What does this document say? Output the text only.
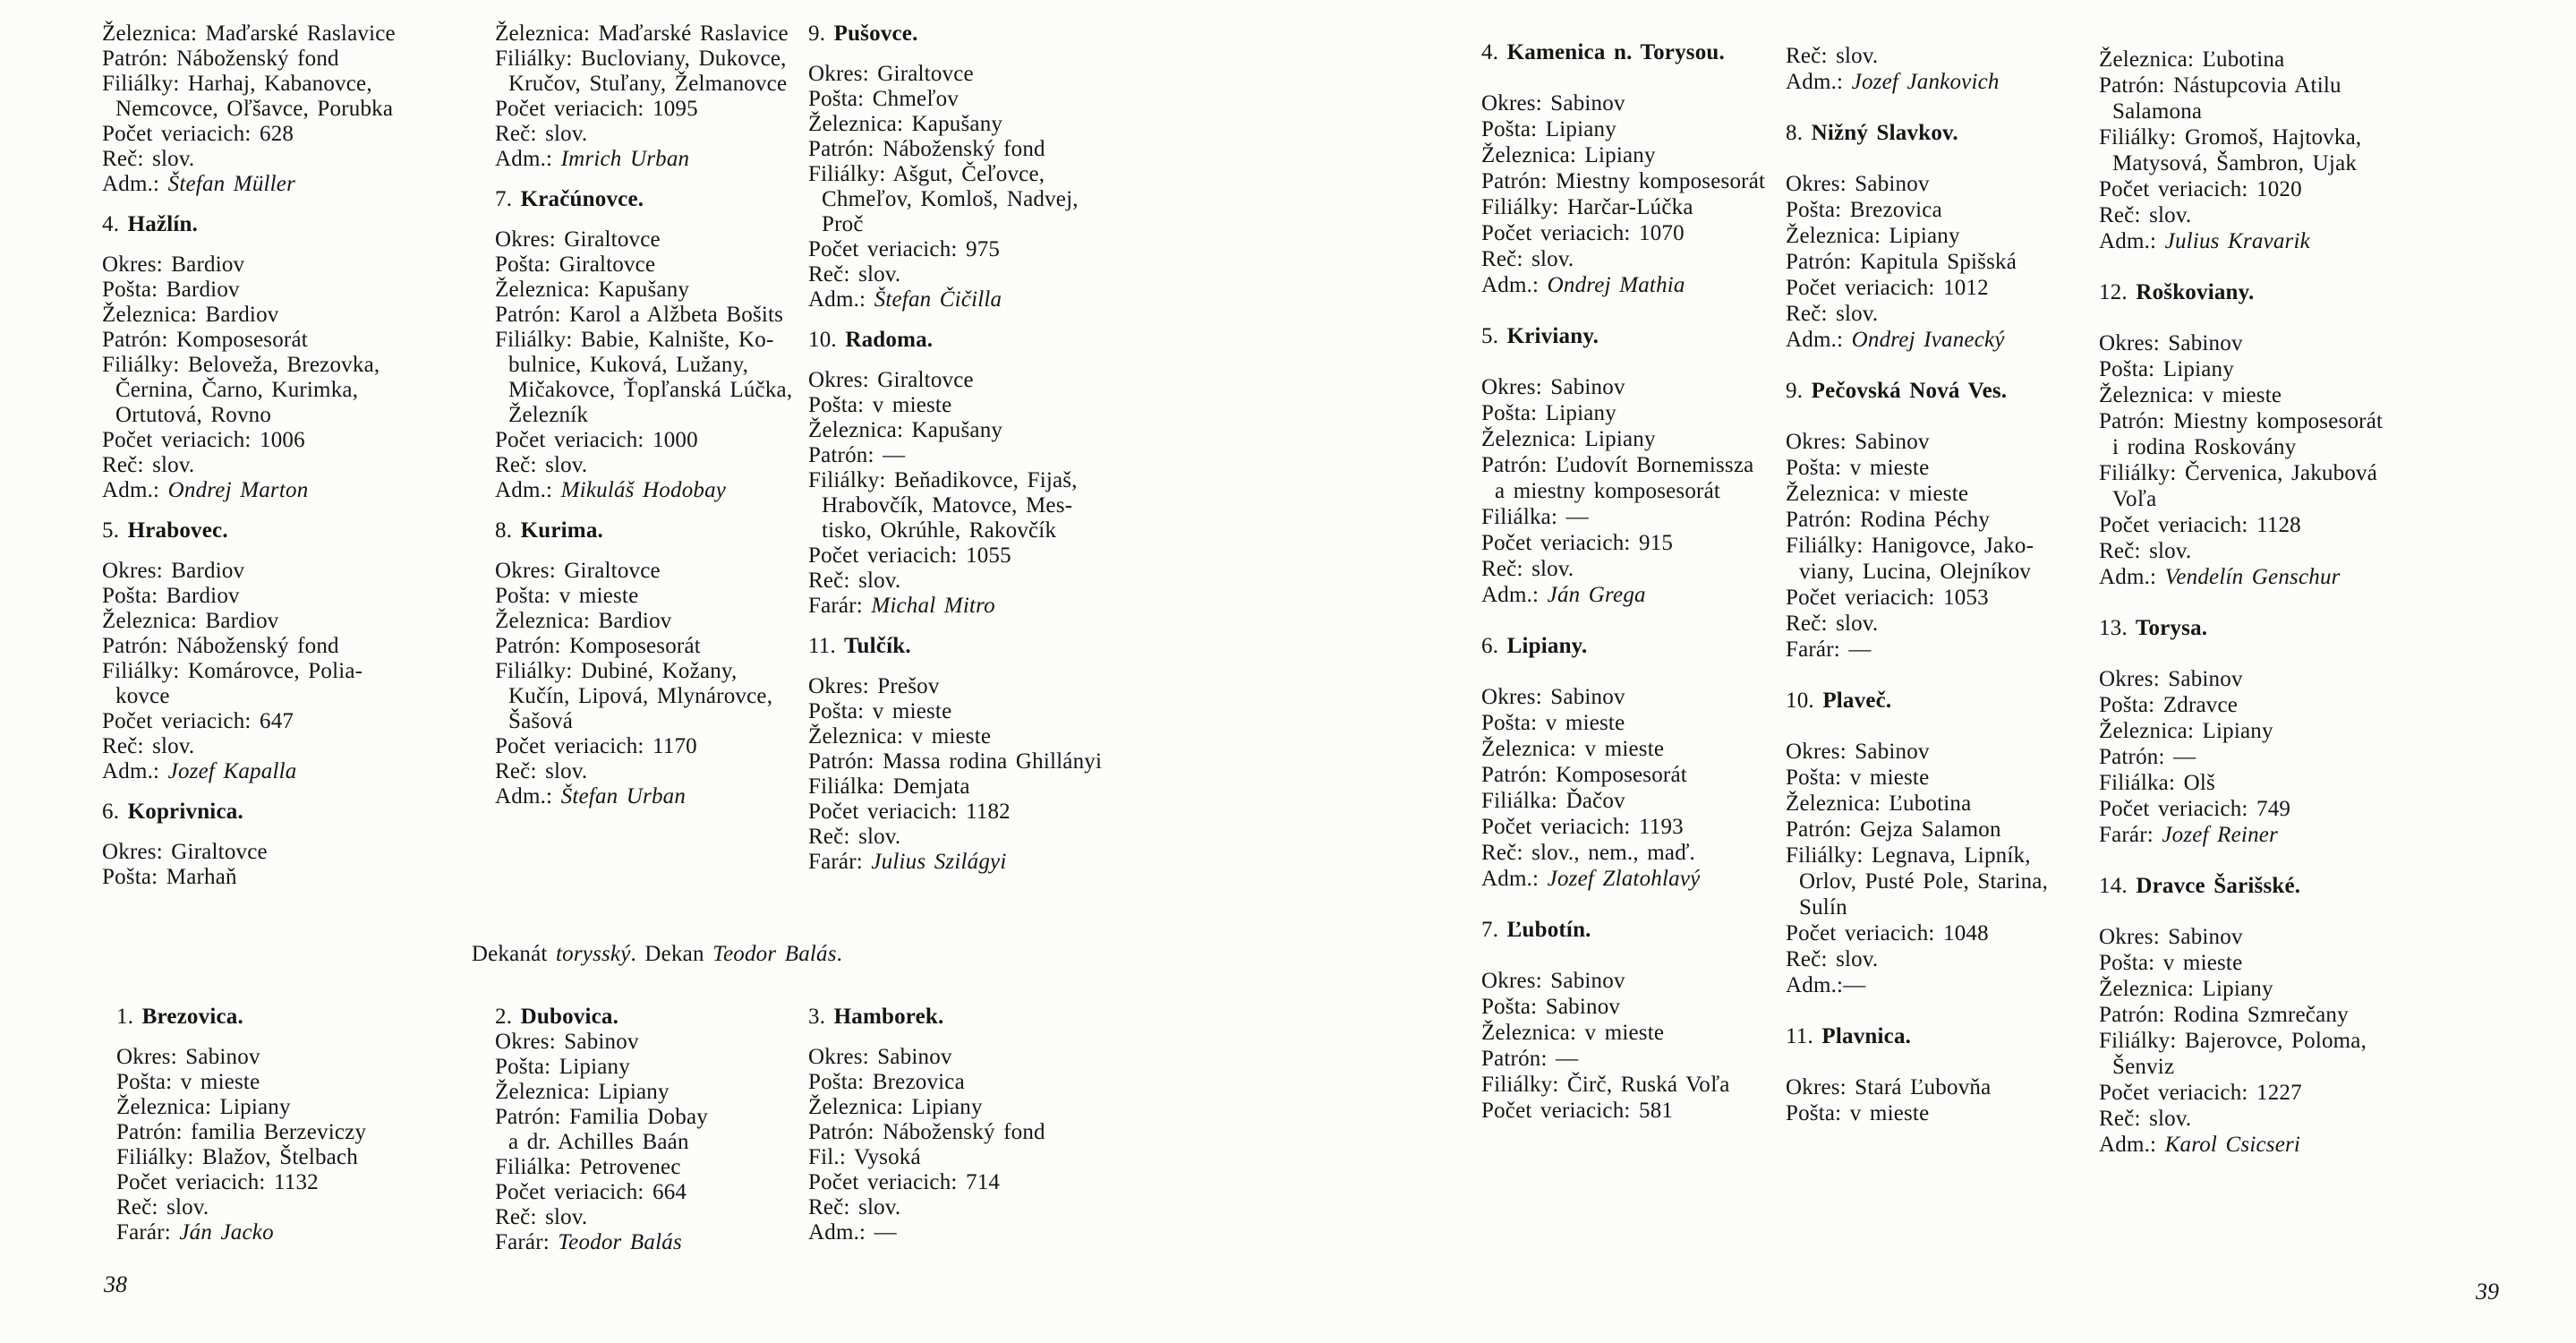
Železnica: Maďarské Raslavice
Patrón: Náboženský fond
Filiálky: Harhaj, Kabanovce,
Nemcovce, Oľšavce, Porubka
Počet veriacich: 628
Reč: slov.
Adm.: Štefan Müller
4. Hažlín.
Okres: Bardiov
Pošta: Bardiov
Železnica: Bardiov
Patrón: Komposesorát
Filiálky: Beloveža, Brezovka,
Černina, Čarno, Kurimka,
Ortutová, Rovno
Počet veriacich: 1006
Reč: slov.
Adm.: Ondrej Marton
5. Hrabovec.
Okres: Bardiov
Pošta: Bardiov
Železnica: Bardiov
Patrón: Náboženský fond
Filiálky: Komárovce, Polia-
kovce
Počet veriacich: 647
Reč: slov.
Adm.: Jozef Kapalla
6. Koprivnica.
Okres: Giraltovce
Pošta: Marhaň
Železnica: Maďarské Raslavice
Filiálky: Bucloviany, Dukovce,
Kručov, Stuľany, Želmanovce
Počet veriacich: 1095
Reč: slov.
Adm.: Imrich Urban
7. Kračúnovce.
Okres: Giraltovce
Pošta: Giraltovce
Železnica: Kapušany
Patrón: Karol a Alžbeta Bošits
Filiálky: Babie, Kalnište, Ko-
bulnice, Kuková, Lužany,
Mičakovce, Ťopľanská Lúčka,
Železník
Počet veriacich: 1000
Reč: slov.
Adm.: Mikuláš Hodobay
8. Kurima.
Okres: Giraltovce
Pošta: v mieste
Železnica: Bardiov
Patrón: Komposesorát
Filiálky: Dubiné, Kožany,
Kučín, Lipová, Mlynárovce,
Šašová
Počet veriacich: 1170
Reč: slov.
Adm.: Štefan Urban
9. Pušovce.
Okres: Giraltovce
Pošta: Chmeľov
Železnica: Kapušany
Patrón: Náboženský fond
Filiálky: Ašgut, Čeľovce,
Chmeľov, Komloš, Nadvej,
Proč
Počet veriacich: 975
Reč: slov.
Adm.: Štefan Čičilla
10. Radoma.
Okres: Giraltovce
Pošta: v mieste
Železnica: Kapušany
Patrón: —
Filiálky: Beňadikovce, Fijaš,
Hrabovčík, Matovce, Mes-
tisko, Okrúhle, Rakovčík
Počet veriacich: 1055
Reč: slov.
Farár: Michal Mitro
11. Tulčík.
Okres: Prešov
Pošta: v mieste
Železnica: v mieste
Patrón: Massa rodina Ghillányi
Filiálka: Demjata
Počet veriacich: 1182
Reč: slov.
Farár: Julius Szilágyi
Dekanát torysský. Dekan Teodor Balás.
1. Brezovica.
Okres: Sabinov
Pošta: v mieste
Železnica: Lipiany
Patrón: familia Berzeviczy
Filiálky: Blažov, Štelbach
Počet veriacich: 1132
Reč: slov.
Farár: Ján Jacko
2. Dubovica.
Okres: Sabinov
Pošta: Lipiany
Železnica: Lipiany
Patrón: Familia Dobay
a dr. Achilles Baán
Filiálka: Petrovenec
Počet veriacich: 664
Reč: slov.
Farár: Teodor Balás
3. Hamborek.
Okres: Sabinov
Pošta: Brezovica
Železnica: Lipiany
Patrón: Náboženský fond
Fil.: Vysoká
Počet veriacich: 714
Reč: slov.
Adm.: —
38
4. Kamenica n. Torysou.
Okres: Sabinov
Pošta: Lipiany
Železnica: Lipiany
Patrón: Miestny komposesorát
Filiálky: Harčar-Lúčka
Počet veriacich: 1070
Reč: slov.
Adm.: Ondrej Mathia
5. Kriviany.
Okres: Sabinov
Pošta: Lipiany
Železnica: Lipiany
Patrón: Ľudovít Bornemissza
a miestny komposesorát
Filiálka: —
Počet veriacich: 915
Reč: slov.
Adm.: Ján Grega
6. Lipiany.
Okres: Sabinov
Pošta: v mieste
Železnica: v mieste
Patrón: Komposesorát
Filiálka: Ďačov
Počet veriacich: 1193
Reč: slov., nem., maď.
Adm.: Jozef Zlatohlavý
7. Ľubotín.
Okres: Sabinov
Pošta: Sabinov
Železnica: v mieste
Patrón: —
Filiálky: Čirč, Ruská Voľa
Počet veriacich: 581
Reč: slov.
Adm.: Jozef Jankovich
8. Nižný Slavkov.
Okres: Sabinov
Pošta: Brezovica
Železnica: Lipiany
Patrón: Kapitula Spišská
Počet veriacich: 1012
Reč: slov.
Adm.: Ondrej Ivanecký
9. Pečovská Nová Ves.
Okres: Sabinov
Pošta: v mieste
Železnica: v mieste
Patrón: Rodina Péchy
Filiálky: Hanigovce, Jako-
viany, Lucina, Olejníkov
Počet veriacich: 1053
Reč: slov.
Farár: —
10. Plaveč.
Okres: Sabinov
Pošta: v mieste
Železnica: Ľubotina
Patrón: Gejza Salamon
Filiálky: Legnava, Lipník,
Orlov, Pusté Pole, Starina,
Sulín
Počet veriacich: 1048
Reč: slov.
Adm.:—
11. Plavnica.
Okres: Stará Ľubovňa
Pošta: v mieste
Železnica: Ľubotina
Patrón: Nástupcovia Atilu
Salamona
Filiálky: Gromoš, Hajtovka,
Matysová, Šambron, Ujak
Počet veriacich: 1020
Reč: slov.
Adm.: Julius Kravarik
12. Roškoviany.
Okres: Sabinov
Pošta: Lipiany
Železnica: v mieste
Patrón: Miestny komposesorát
i rodina Roskovány
Filiálky: Červenica, Jakubová
Voľa
Počet veriacich: 1128
Reč: slov.
Adm.: Vendelín Genschur
13. Torysa.
Okres: Sabinov
Pošta: Zdravce
Železnica: Lipiany
Patrón: —
Filiálka: Olš
Počet veriacich: 749
Farár: Jozef Reiner
14. Dravce Šarišské.
Okres: Sabinov
Pošta: v mieste
Železnica: Lipiany
Patrón: Rodina Szmrečany
Filiálky: Bajerovce, Poloma,
Šenviz
Počet veriacich: 1227
Reč: slov.
Adm.: Karol Csicseri
39
